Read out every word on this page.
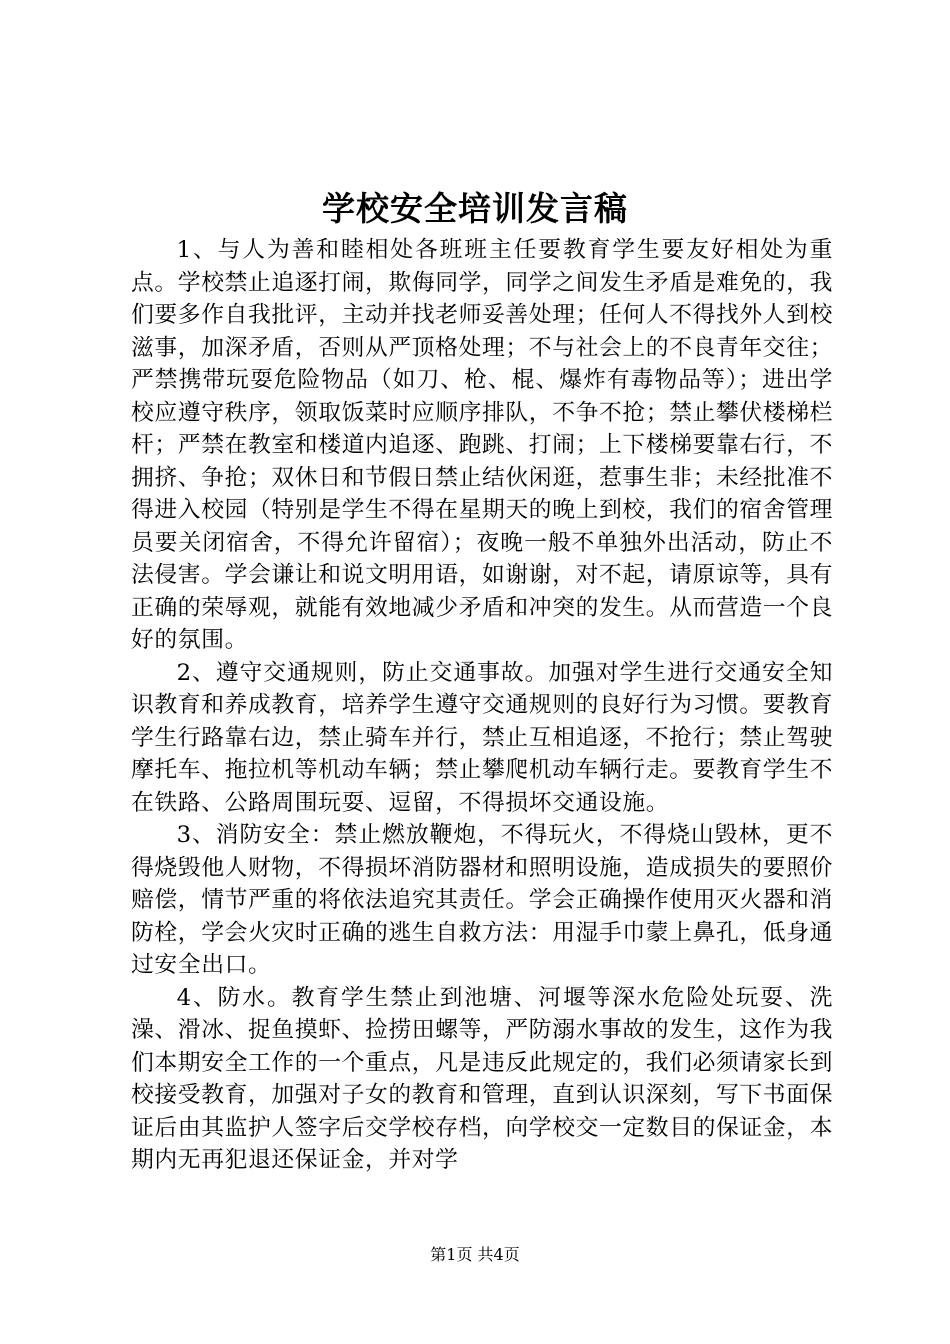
学校安全培训发言稿

1、与人为善和睦相处各班班主任要教育学生要友好相处为重点。学校禁止追逐打闹，欺侮同学，同学之间发生矛盾是难免的，我们要多作自我批评，主动并找老师妥善处理；任何人不得找外人到校滋事，加深矛盾，否则从严顶格处理；不与社会上的不良青年交往；严禁携带玩耍危险物品（如刀、枪、棍、爆炸有毒物品等）；进出学校应遵守秩序，领取饭菜时应顺序排队，不争不抢；禁止攀伏楼梯栏杆；严禁在教室和楼道内追逐、跑跳、打闹；上下楼梯要靠右行，不拥挤、争抢；双休日和节假日禁止结伙闲逛，惹事生非；未经批准不得进入校园（特别是学生不得在星期天的晚上到校，我们的宿舍管理员要关闭宿舍，不得允许留宿）；夜晚一般不单独外出活动，防止不法侵害。学会谦让和说文明用语，如谢谢，对不起，请原谅等，具有正确的荣辱观，就能有效地减少矛盾和冲突的发生。从而营造一个良好的氛围。

2、遵守交通规则，防止交通事故。加强对学生进行交通安全知识教育和养成教育，培养学生遵守交通规则的良好行为习惯。要教育学生行路靠右边，禁止骑车并行，禁止互相追逐，不抢行；禁止驾驶摩托车、拖拉机等机动车辆；禁止攀爬机动车辆行走。要教育学生不在铁路、公路周围玩耍、逗留，不得损坏交通设施。

3、消防安全：禁止燃放鞭炮，不得玩火，不得烧山毁林，更不得烧毁他人财物，不得损坏消防器材和照明设施，造成损失的要照价赔偿，情节严重的将依法追究其责任。学会正确操作使用灭火器和消防栓，学会火灾时正确的逃生自救方法：用湿手巾蒙上鼻孔，低身通过安全出口。

4、防水。教育学生禁止到池塘、河堰等深水危险处玩耍、洗澡、滑冰、捉鱼摸虾、捡捞田螺等，严防溺水事故的发生，这作为我们本期安全工作的一个重点，凡是违反此规定的，我们必须请家长到校接受教育，加强对子女的教育和管理，直到认识深刻，写下书面保证后由其监护人签字后交学校存档，向学校交一定数目的保证金，本期内无再犯退还保证金，并对学

第1页 共4页
